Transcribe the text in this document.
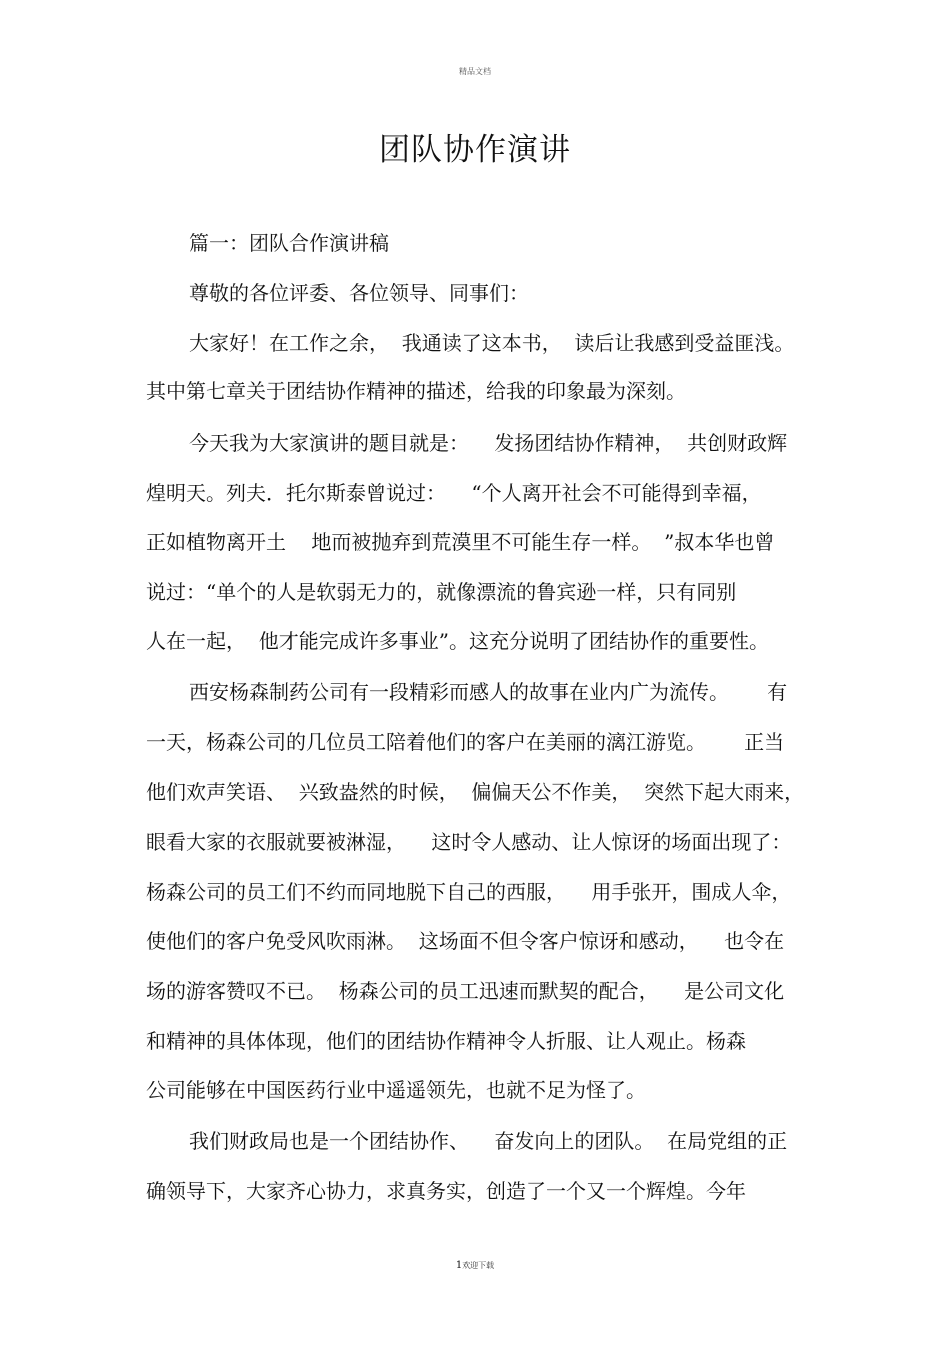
精品文档
团队协作演讲
篇一：团队合作演讲稿
尊敬的各位评委、各位领导、同事们：
大家好！在工作之余，  我通读了这本书，  读后让我感到受益匪浅。
其中第七章关于团结协作精神的描述，给我的印象最为深刻。
今天我为大家演讲的题目就是：    发扬团结协作精神，  共创财政辉
煌明天。列夫．托尔斯泰曾说过：    “个人离开社会不可能得到幸福，
正如植物离开土    地而被抛弃到荒漠里不可能生存一样。  ”叔本华也曾
说过：“单个的人是软弱无力的，就像漂流的鲁宾逊一样，只有同别
人在一起，  他才能完成许多事业”。这充分说明了团结协作的重要性。
西安杨森制药公司有一段精彩而感人的故事在业内广为流传。      有
一天，杨森公司的几位员工陪着他们的客户在美丽的漓江游览。      正当
他们欢声笑语、  兴致盎然的时候，  偏偏天公不作美，  突然下起大雨来，
眼看大家的衣服就要被淋湿，    这时令人感动、让人惊讶的场面出现了：
杨森公司的员工们不约而同地脱下自己的西服，    用手张开，围成人伞，
使他们的客户免受风吹雨淋。  这场面不但令客户惊讶和感动，    也令在
场的游客赞叹不已。  杨森公司的员工迅速而默契的配合，    是公司文化
和精神的具体体现，他们的团结协作精神令人折服、让人观止。杨森
公司能够在中国医药行业中遥遥领先，也就不足为怪了。
我们财政局也是一个团结协作、    奋发向上的团队。  在局党组的正
确领导下，大家齐心协力，求真务实，创造了一个又一个辉煌。今年
1欢迎下载
